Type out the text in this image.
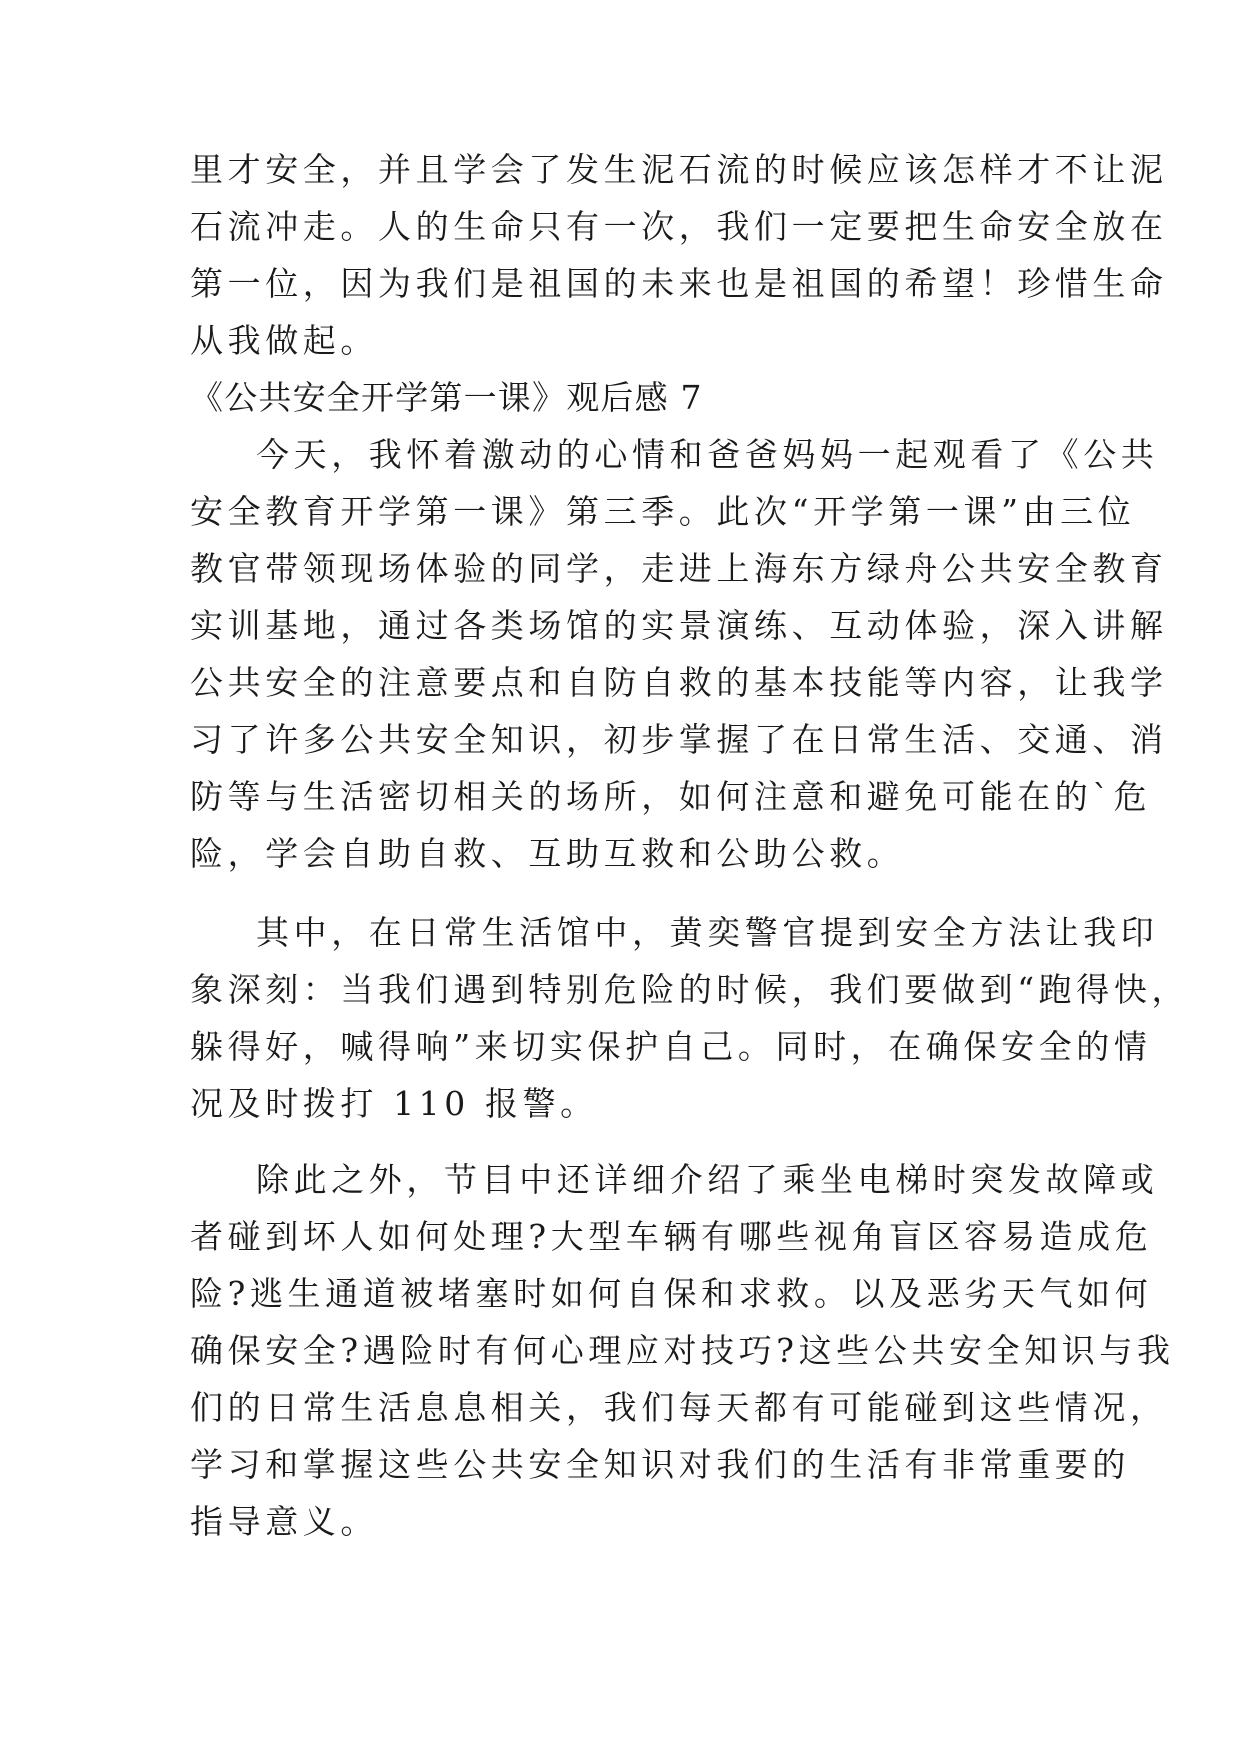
里才安全，并且学会了发生泥石流的时候应该怎样才不让泥

石流冲走。人的生命只有一次，我们一定要把生命安全放在

第一位，因为我们是祖国的未来也是祖国的希望！珍惜生命

从我做起。

《公共安全开学第一课》观后感 7

今天，我怀着激动的心情和爸爸妈妈一起观看了《公共

安全教育开学第一课》第三季。此次“开学第一课”由三位

教官带领现场体验的同学，走进上海东方绿舟公共安全教育

实训基地，通过各类场馆的实景演练、互动体验，深入讲解

公共安全的注意要点和自防自救的基本技能等内容，让我学

习了许多公共安全知识，初步掌握了在日常生活、交通、消

防等与生活密切相关的场所，如何注意和避免可能在的`危

险，学会自助自救、互助互救和公助公救。

其中，在日常生活馆中，黄奕警官提到安全方法让我印

象深刻：当我们遇到特别危险的时候，我们要做到“跑得快，

躲得好，喊得响”来切实保护自己。同时，在确保安全的情

况及时拨打 110 报警。

除此之外，节目中还详细介绍了乘坐电梯时突发故障或

者碰到坏人如何处理?大型车辆有哪些视角盲区容易造成危

险?逃生通道被堵塞时如何自保和求救。以及恶劣天气如何

确保安全?遇险时有何心理应对技巧?这些公共安全知识与我

们的日常生活息息相关，我们每天都有可能碰到这些情况，

学习和掌握这些公共安全知识对我们的生活有非常重要的

指导意义。
